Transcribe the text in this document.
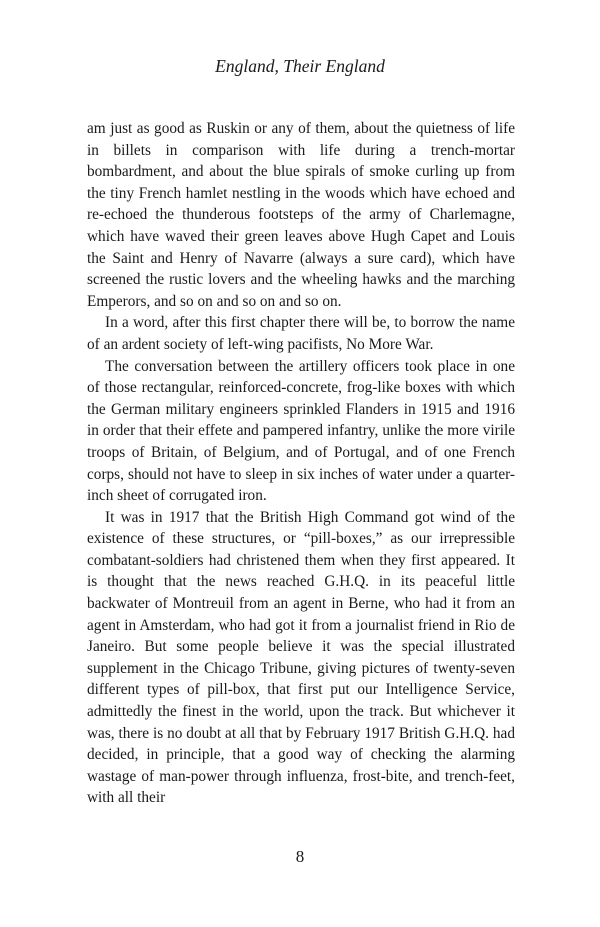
England, Their England

am just as good as Ruskin or any of them, about the quietness of life in billets in comparison with life during a trench-mortar bombardment, and about the blue spirals of smoke curling up from the tiny French hamlet nestling in the woods which have echoed and re-echoed the thunderous footsteps of the army of Charlemagne, which have waved their green leaves above Hugh Capet and Louis the Saint and Henry of Navarre (always a sure card), which have screened the rustic lovers and the wheeling hawks and the marching Emperors, and so on and so on and so on.

In a word, after this first chapter there will be, to borrow the name of an ardent society of left-wing pacifists, No More War.

The conversation between the artillery officers took place in one of those rectangular, reinforced-concrete, frog-like boxes with which the German military engineers sprinkled Flanders in 1915 and 1916 in order that their effete and pampered infantry, unlike the more virile troops of Britain, of Belgium, and of Portugal, and of one French corps, should not have to sleep in six inches of water under a quarter-inch sheet of corrugated iron.

It was in 1917 that the British High Command got wind of the existence of these structures, or “pill-boxes,” as our irrepressible combatant-soldiers had christened them when they first appeared. It is thought that the news reached G.H.Q. in its peaceful little backwater of Montreuil from an agent in Berne, who had it from an agent in Amsterdam, who had got it from a journalist friend in Rio de Janeiro. But some people believe it was the special illustrated supplement in the Chicago Tribune, giving pictures of twenty-seven different types of pill-box, that first put our Intelligence Service, admittedly the finest in the world, upon the track. But whichever it was, there is no doubt at all that by February 1917 British G.H.Q. had decided, in principle, that a good way of checking the alarming wastage of man-power through influenza, frost-bite, and trench-feet, with all their

8
